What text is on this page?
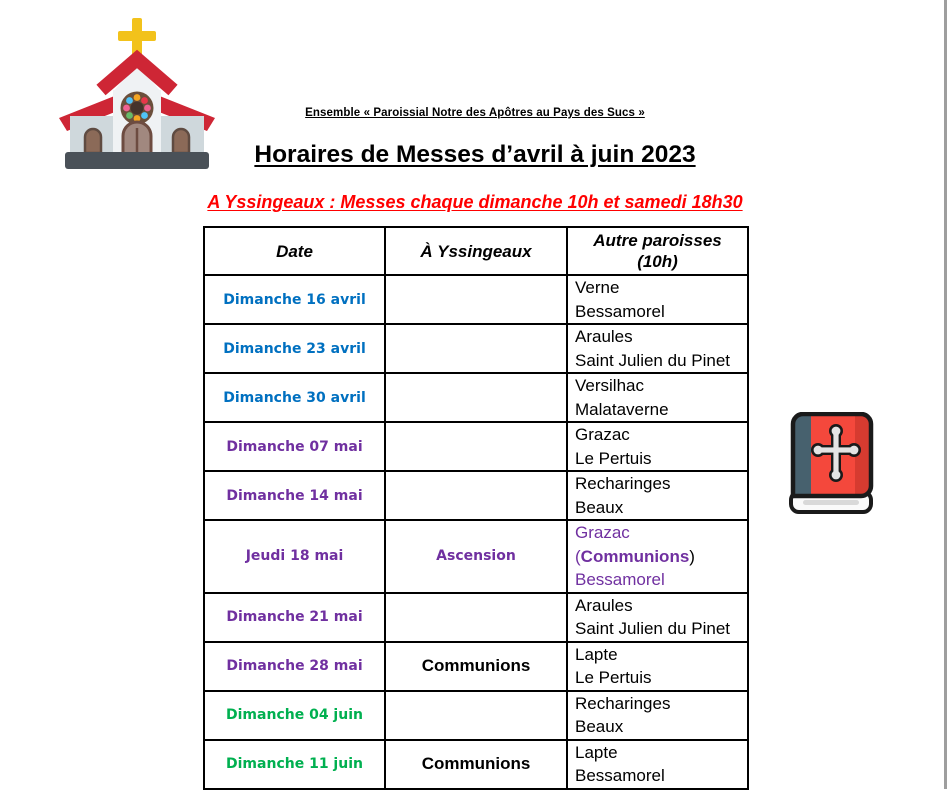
Ensemble « Paroissial Notre des Apôtres au Pays des Sucs »
Horaires de Messes d’avril à juin 2023
A Yssingeaux : Messes chaque dimanche 10h et samedi 18h30
Date	À Yssingeaux	Autre paroisses
(10h)

Dimanche 16 avril		Verne
Bessamorel

Dimanche 23 avril		Araules
Saint Julien du Pinet

Dimanche 30 avril		Versilhac
Malataverne

Dimanche 07 mai		Grazac
Le Pertuis

Dimanche 14 mai		Recharinges
Beaux

Jeudi 18 mai	Ascension	Grazac
(Communions)
Bessamorel

Dimanche 21 mai		Araules
Saint Julien du Pinet

Dimanche 28 mai	Communions	Lapte
Le Pertuis

Dimanche 04 juin		Recharinges
Beaux

Dimanche 11 juin	Communions	Lapte
Bessamorel
